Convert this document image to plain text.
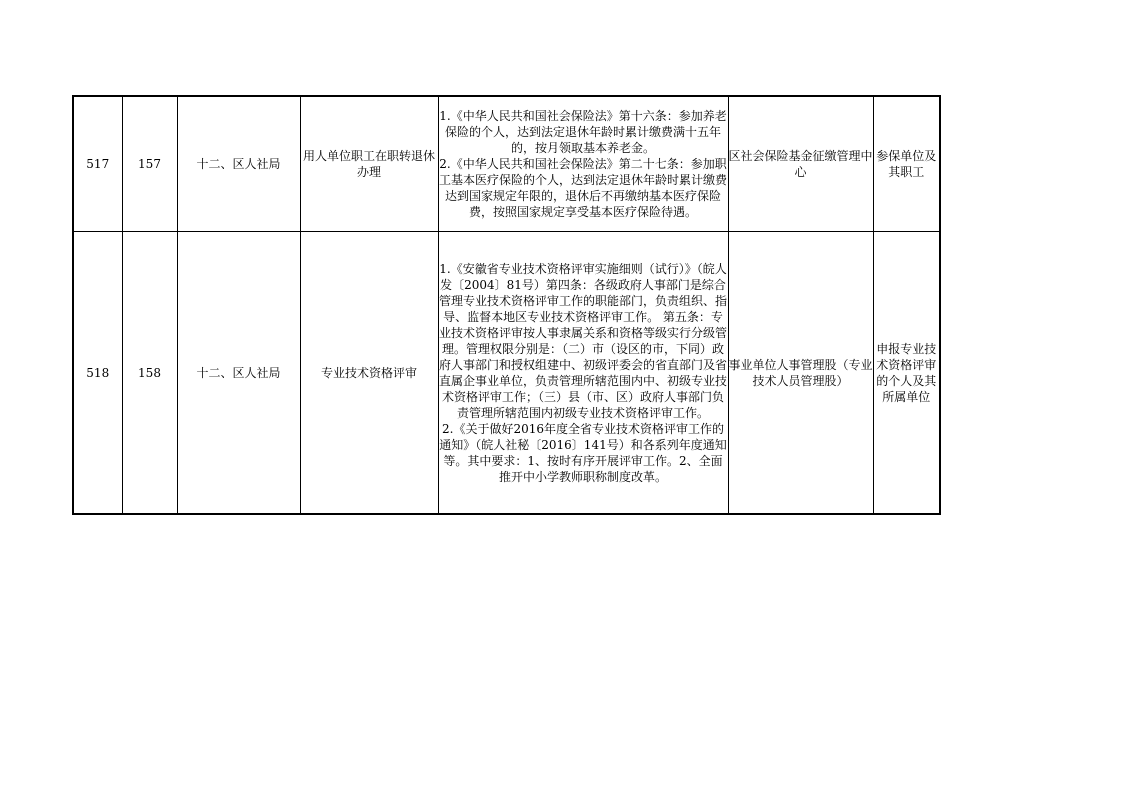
517	157	十二、区人社局	用人单位职工在职转退休办理	1.《中华人民共和国社会保险法》第十六条：参加养老保险的个人，达到法定退休年龄时累计缴费满十五年的，按月领取基本养老金。

2.《中华人民共和国社会保险法》第二十七条：参加职工基本医疗保险的个人，达到法定退休年龄时累计缴费达到国家规定年限的，退休后不再缴纳基本医疗保险费，按照国家规定享受基本医疗保险待遇。	区社会保险基金征缴管理中心	参保单位及其职工
518	158	十二、区人社局	专业技术资格评审	1.《安徽省专业技术资格评审实施细则（试行）》（皖人发〔2004〕81号）第四条：各级政府人事部门是综合管理专业技术资格评审工作的职能部门，负责组织、指导、监督本地区专业技术资格评审工作。 第五条：专业技术资格评审按人事隶属关系和资格等级实行分级管理。管理权限分别是：（二）市（设区的市，下同）政府人事部门和授权组建中、初级评委会的省直部门及省直属企事业单位，负责管理所辖范围内中、初级专业技术资格评审工作；（三）县（市、区）政府人事部门负责管理所辖范围内初级专业技术资格评审工作。

2.《关于做好2016年度全省专业技术资格评审工作的通知》（皖人社秘〔2016〕141号）和各系列年度通知等。其中要求：1、按时有序开展评审工作。2、全面推开中小学教师职称制度改革。	事业单位人事管理股（专业技术人员管理股）	申报专业技术资格评审的个人及其所属单位
